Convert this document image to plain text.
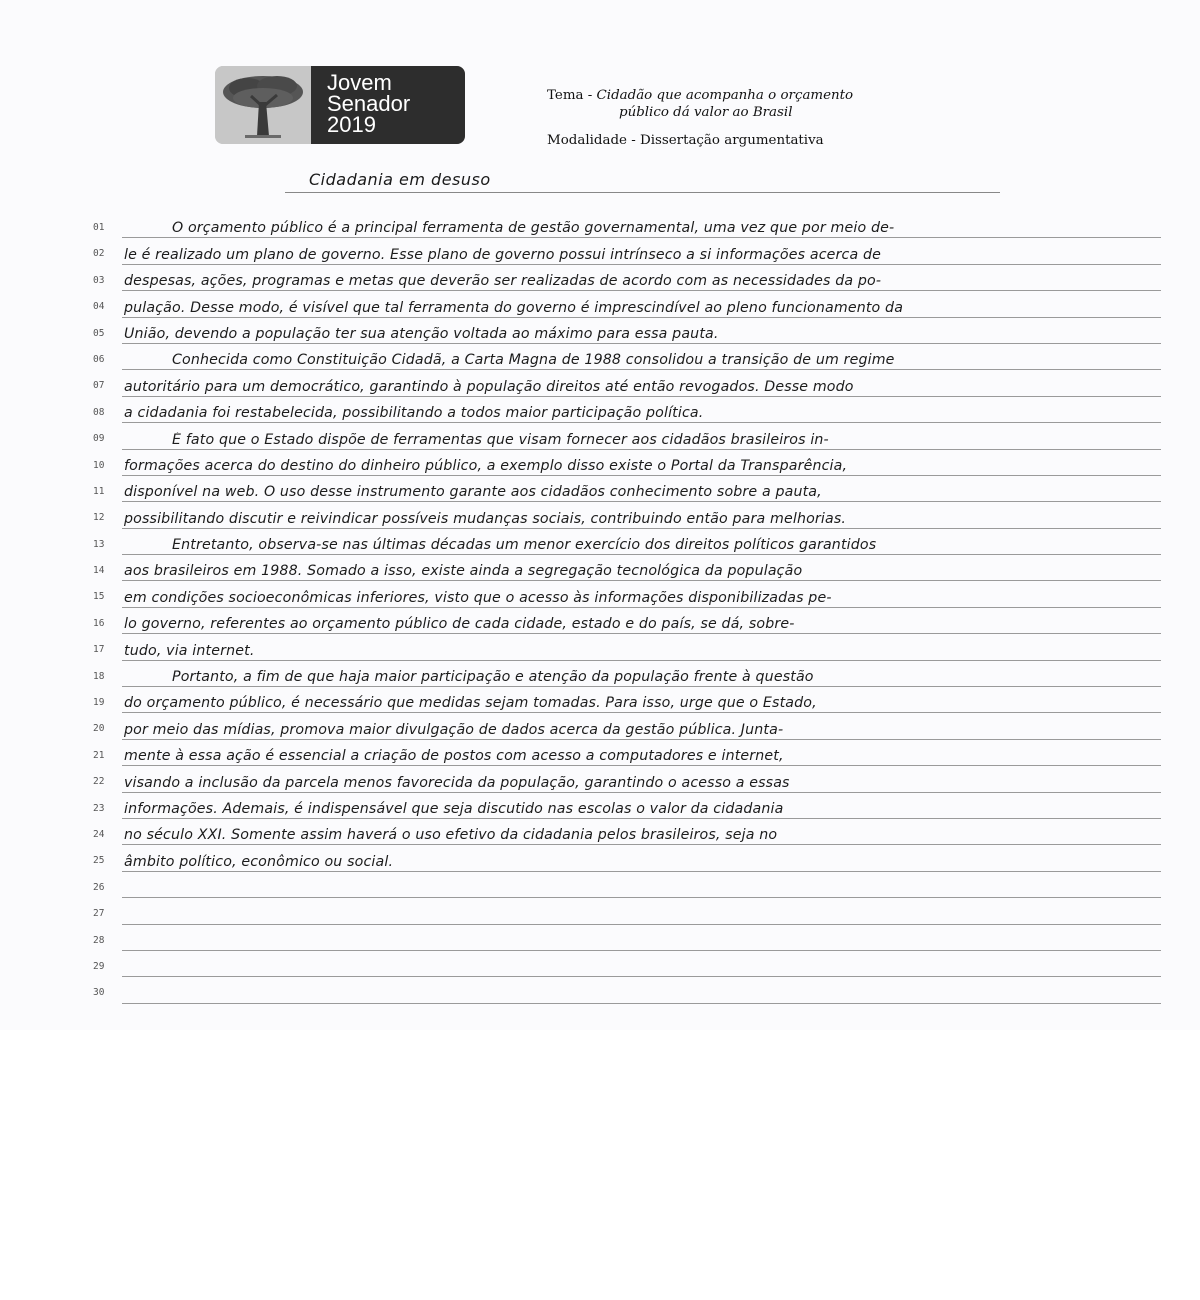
Jovem
Senador
2019
Tema - Cidadão que acompanha o orçamento
público dá valor ao Brasil
Modalidade - Dissertação argumentativa
Cidadania em desuso
01	O orçamento público é a principal ferramenta de gestão governamental, uma vez que por meio de-
02	le é realizado um plano de governo. Esse plano de governo possui intrínseco a si informações acerca de
03	despesas, ações, programas e metas que deverão ser realizadas de acordo com as necessidades da po-
04	pulação. Desse modo, é visível que tal ferramenta do governo é imprescindível ao pleno funcionamento da
05	União, devendo a população ter sua atenção voltada ao máximo para essa pauta.
06	Conhecida como Constituição Cidadã, a Carta Magna de 1988 consolidou a transição de um regime
07	autoritário para um democrático, garantindo à população direitos até então revogados. Desse modo
08	a cidadania foi restabelecida, possibilitando a todos maior participação política.
09	É fato que o Estado dispõe de ferramentas que visam fornecer aos cidadãos brasileiros in-
10	formações acerca do destino do dinheiro público, a exemplo disso existe o Portal da Transparência,
11	disponível na web. O uso desse instrumento garante aos cidadãos conhecimento sobre a pauta,
12	possibilitando discutir e reivindicar possíveis mudanças sociais, contribuindo então para melhorias.
13	Entretanto, observa-se nas últimas décadas um menor exercício dos direitos políticos garantidos
14	aos brasileiros em 1988. Somado a isso, existe ainda a segregação tecnológica da população
15	em condições socioeconômicas inferiores, visto que o acesso às informações disponibilizadas pe-
16	lo governo, referentes ao orçamento público de cada cidade, estado e do país, se dá, sobre-
17	tudo, via internet.
18	Portanto, a fim de que haja maior participação e atenção da população frente à questão
19	do orçamento público, é necessário que medidas sejam tomadas. Para isso, urge que o Estado,
20	por meio das mídias, promova maior divulgação de dados acerca da gestão pública. Junta-
21	mente à essa ação é essencial a criação de postos com acesso a computadores e internet,
22	visando a inclusão da parcela menos favorecida da população, garantindo o acesso a essas
23	informações. Ademais, é indispensável que seja discutido nas escolas o valor da cidadania
24	no século XXI. Somente assim haverá o uso efetivo da cidadania pelos brasileiros, seja no
25	âmbito político, econômico ou social.
26
27
28
29
30
